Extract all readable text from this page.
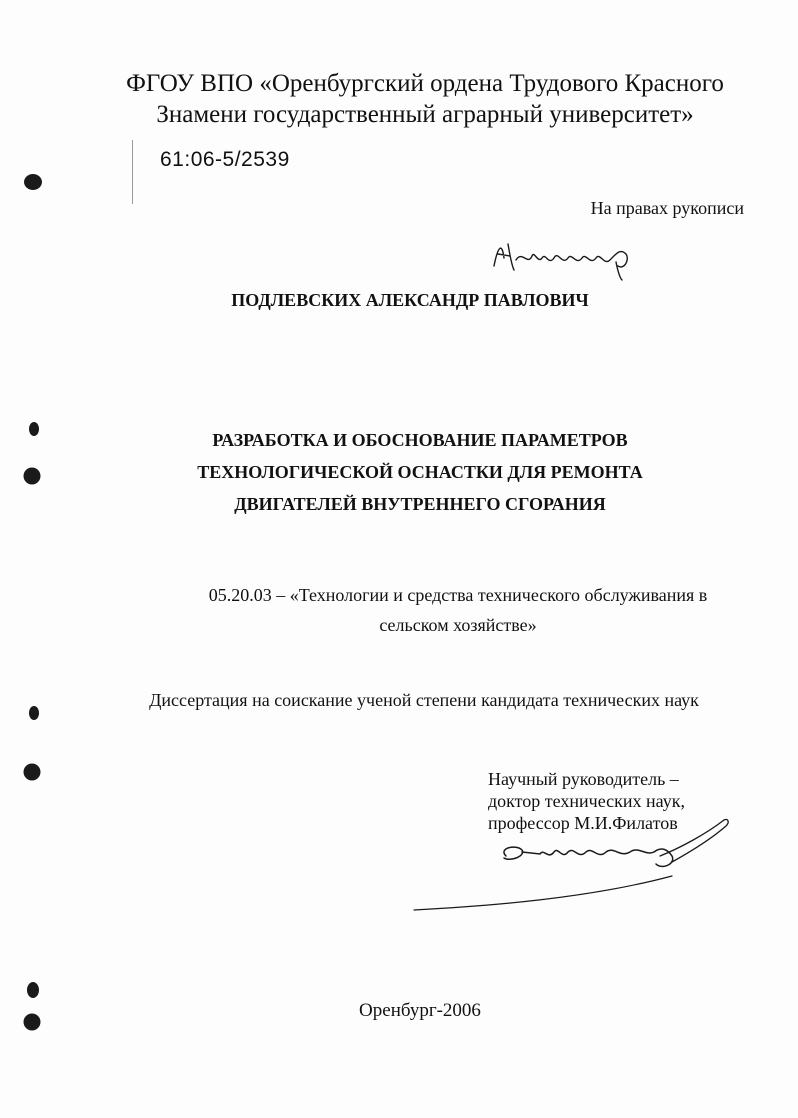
ФГОУ ВПО «Оренбургский ордена Трудового Красного
Знамени государственный аграрный университет»
61:06-5/2539
На правах рукописи
ПОДЛЕВСКИХ АЛЕКСАНДР ПАВЛОВИЧ
РАЗРАБОТКА И ОБОСНОВАНИЕ ПАРАМЕТРОВ
ТЕХНОЛОГИЧЕСКОЙ ОСНАСТКИ ДЛЯ РЕМОНТА
ДВИГАТЕЛЕЙ ВНУТРЕННЕГО СГОРАНИЯ
05.20.03 – «Технологии и средства технического обслуживания в
сельском хозяйстве»
Диссертация на соискание ученой степени кандидата технических наук
Научный руководитель –
доктор технических наук,
профессор М.И.Филатов
Оренбург-2006
